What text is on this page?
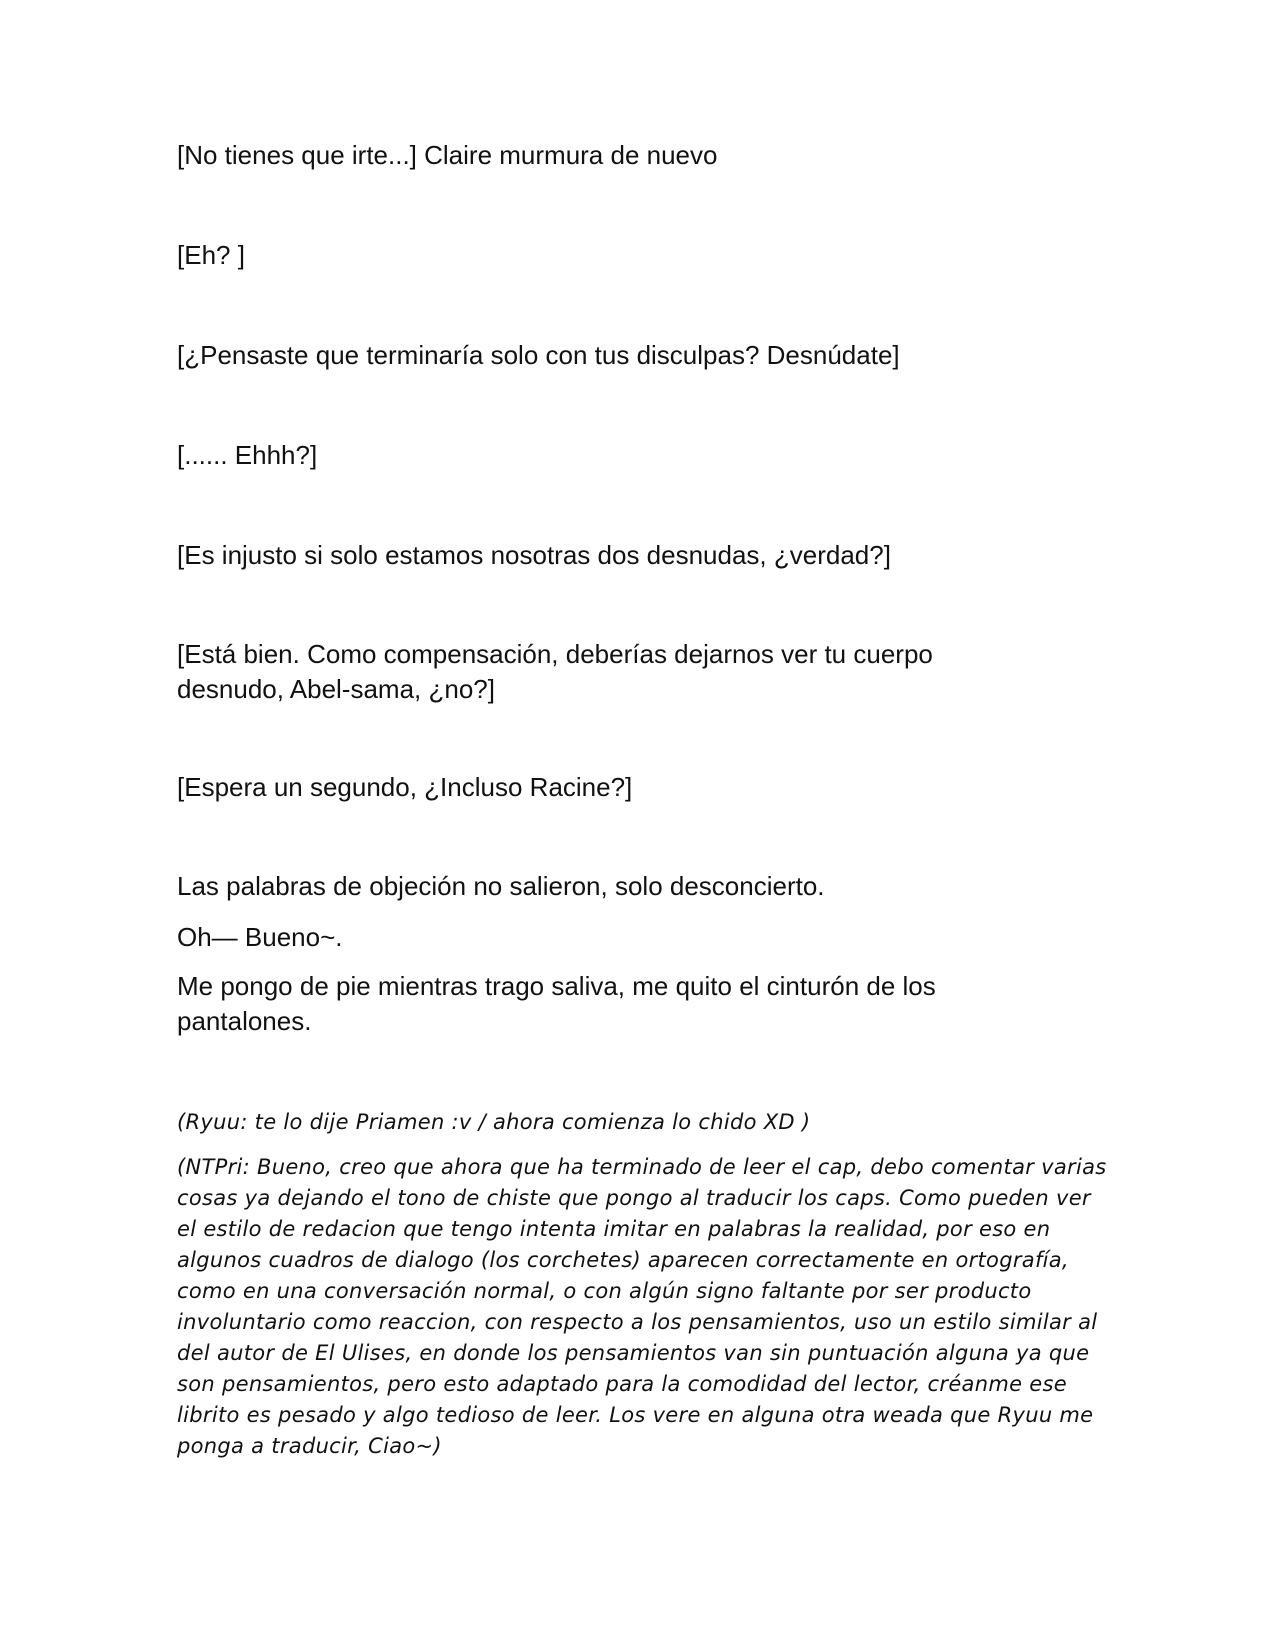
[No tienes que irte...] Claire murmura de nuevo

[Eh? ]

[¿Pensaste que terminaría solo con tus disculpas? Desnúdate]

[...... Ehhh?]

[Es injusto si solo estamos nosotras dos desnudas, ¿verdad?]

[Está bien. Como compensación, deberías dejarnos ver tu cuerpo desnudo, Abel-sama, ¿no?]

[Espera un segundo, ¿Incluso Racine?]

Las palabras de objeción no salieron, solo desconcierto.

Oh— Bueno~.

Me pongo de pie mientras trago saliva, me quito el cinturón de los pantalones.

(Ryuu: te lo dije Priamen :v / ahora comienza lo chido XD )

(NTPri: Bueno, creo que ahora que ha terminado de leer el cap, debo comentar varias cosas ya dejando el tono de chiste que pongo al traducir los caps. Como pueden ver el estilo de redacion que tengo intenta imitar en palabras la realidad, por eso en algunos cuadros de dialogo (los corchetes) aparecen correctamente en ortografía, como en una conversación normal, o con algún signo faltante por ser producto involuntario como reaccion, con respecto a los pensamientos, uso un estilo similar al del autor de El Ulises, en donde los pensamientos van sin puntuación alguna ya que son pensamientos, pero esto adaptado para la comodidad del lector, créanme ese librito es pesado y algo tedioso de leer. Los vere en alguna otra weada que Ryuu me ponga a traducir, Ciao~)
